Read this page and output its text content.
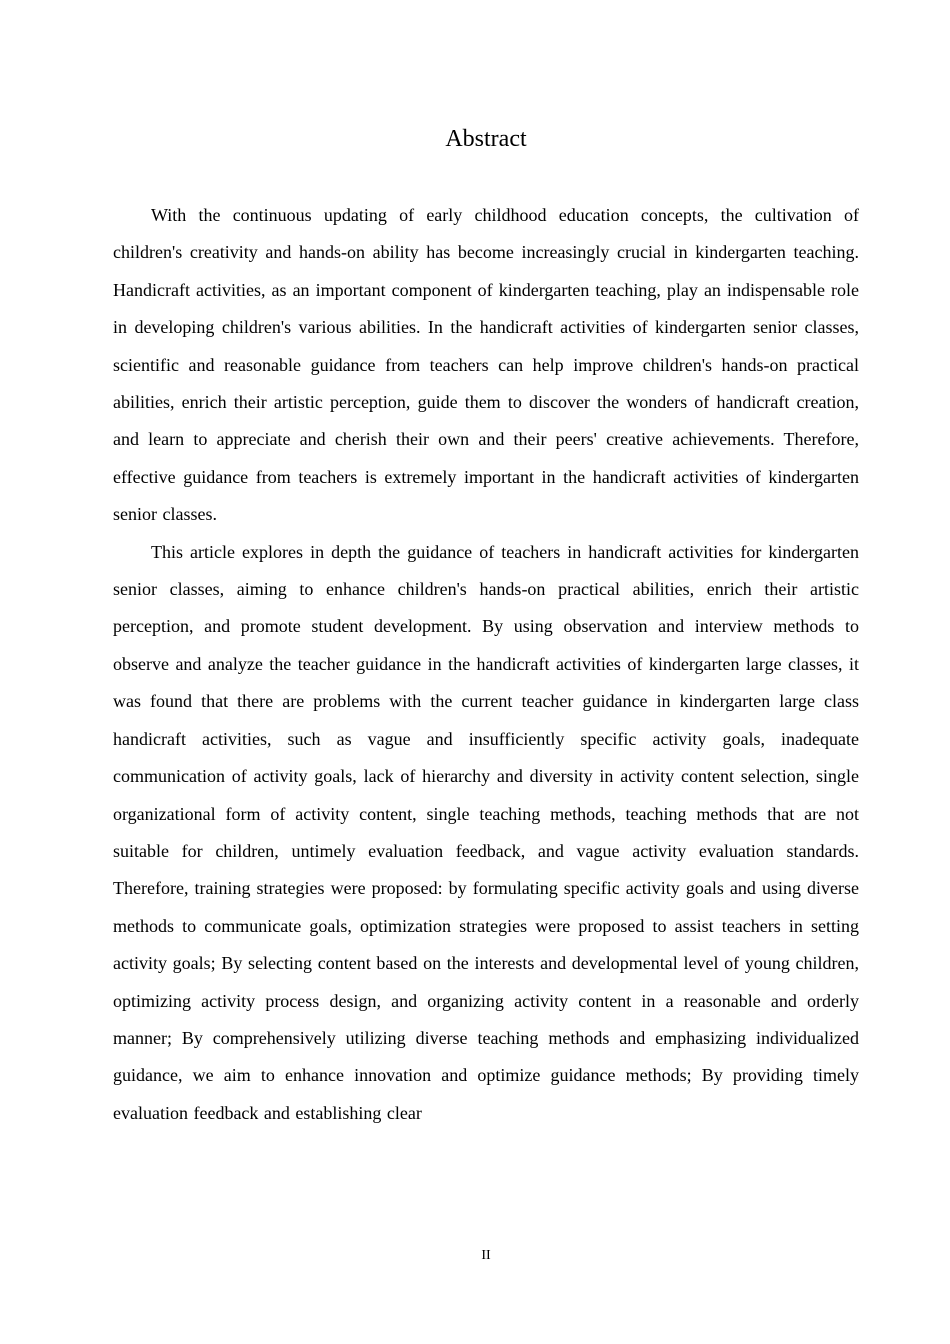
Abstract

With the continuous updating of early childhood education concepts, the cultivation of children's creativity and hands-on ability has become increasingly crucial in kindergarten teaching. Handicraft activities, as an important component of kindergarten teaching, play an indispensable role in developing children's various abilities. In the handicraft activities of kindergarten senior classes, scientific and reasonable guidance from teachers can help improve children's hands-on practical abilities, enrich their artistic perception, guide them to discover the wonders of handicraft creation, and learn to appreciate and cherish their own and their peers' creative achievements. Therefore, effective guidance from teachers is extremely important in the handicraft activities of kindergarten senior classes.

This article explores in depth the guidance of teachers in handicraft activities for kindergarten senior classes, aiming to enhance children's hands-on practical abilities, enrich their artistic perception, and promote student development. By using observation and interview methods to observe and analyze the teacher guidance in the handicraft activities of kindergarten large classes, it was found that there are problems with the current teacher guidance in kindergarten large class handicraft activities, such as vague and insufficiently specific activity goals, inadequate communication of activity goals, lack of hierarchy and diversity in activity content selection, single organizational form of activity content, single teaching methods, teaching methods that are not suitable for children, untimely evaluation feedback, and vague activity evaluation standards. Therefore, training strategies were proposed: by formulating specific activity goals and using diverse methods to communicate goals, optimization strategies were proposed to assist teachers in setting activity goals; By selecting content based on the interests and developmental level of young children, optimizing activity process design, and organizing activity content in a reasonable and orderly manner; By comprehensively utilizing diverse teaching methods and emphasizing individualized guidance, we aim to enhance innovation and optimize guidance methods; By providing timely evaluation feedback and establishing clear

II
